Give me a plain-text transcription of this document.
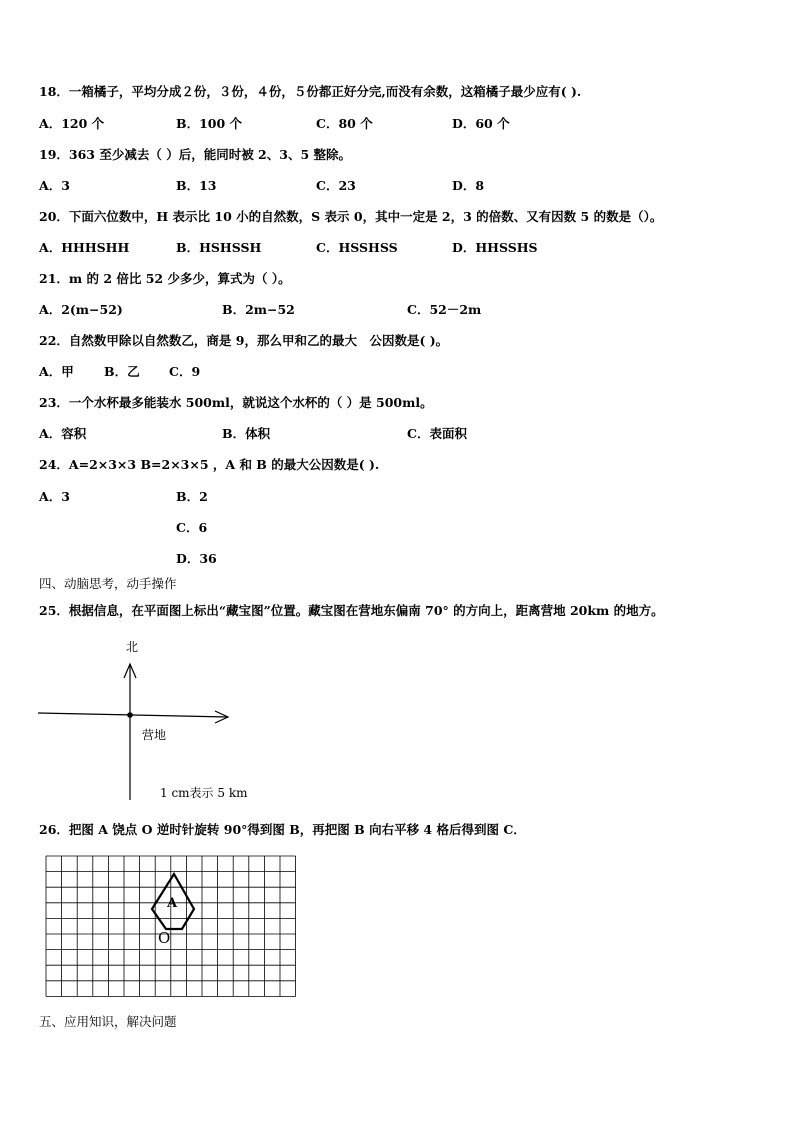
18．一箱橘子，平均分成２份，３份，４份，５份都正好分完,而没有余数，这箱橘子最少应有( ).
A．120 个	B．100 个	C．80 个	D．60 个
19．363 至少减去（ ）后，能同时被 2、3、5 整除。
A．3	B．13	C．23	D．8
20．下面六位数中，H 表示比 10 小的自然数，S 表示 0，其中一定是 2，3 的倍数、又有因数 5 的数是（）。
A．HHHSHH	B．HSHSSH	C．HSSHSS	D．HHSSHS
21．m 的 2 倍比 52 少多少，算式为（ ）。
A．2(m−52)	B．2m−52	C．52－2m
22．自然数甲除以自然数乙，商是 9，那么甲和乙的最大　公因数是( )。
A．甲 B．乙 C．9
23．一个水杯最多能装水 500ml，就说这个水杯的（ ）是 500ml。
A．容积	B．体积	C．表面积
24．A=2×3×3 B=2×3×5 ，A 和 B 的最大公因数是( ).
A．3	B．2
C．6
D．36
四、动脑思考，动手操作
25．根据信息，在平面图上标出“藏宝图”位置。藏宝图在营地东偏南 70° 的方向上，距离营地 20km 的地方。
北
营地
1 cm表示 5 km
26．把图 A 饶点 O 逆时针旋转 90°得到图 B，再把图 B 向右平移 4 格后得到图 C．
A
O
五、应用知识，解决问题
